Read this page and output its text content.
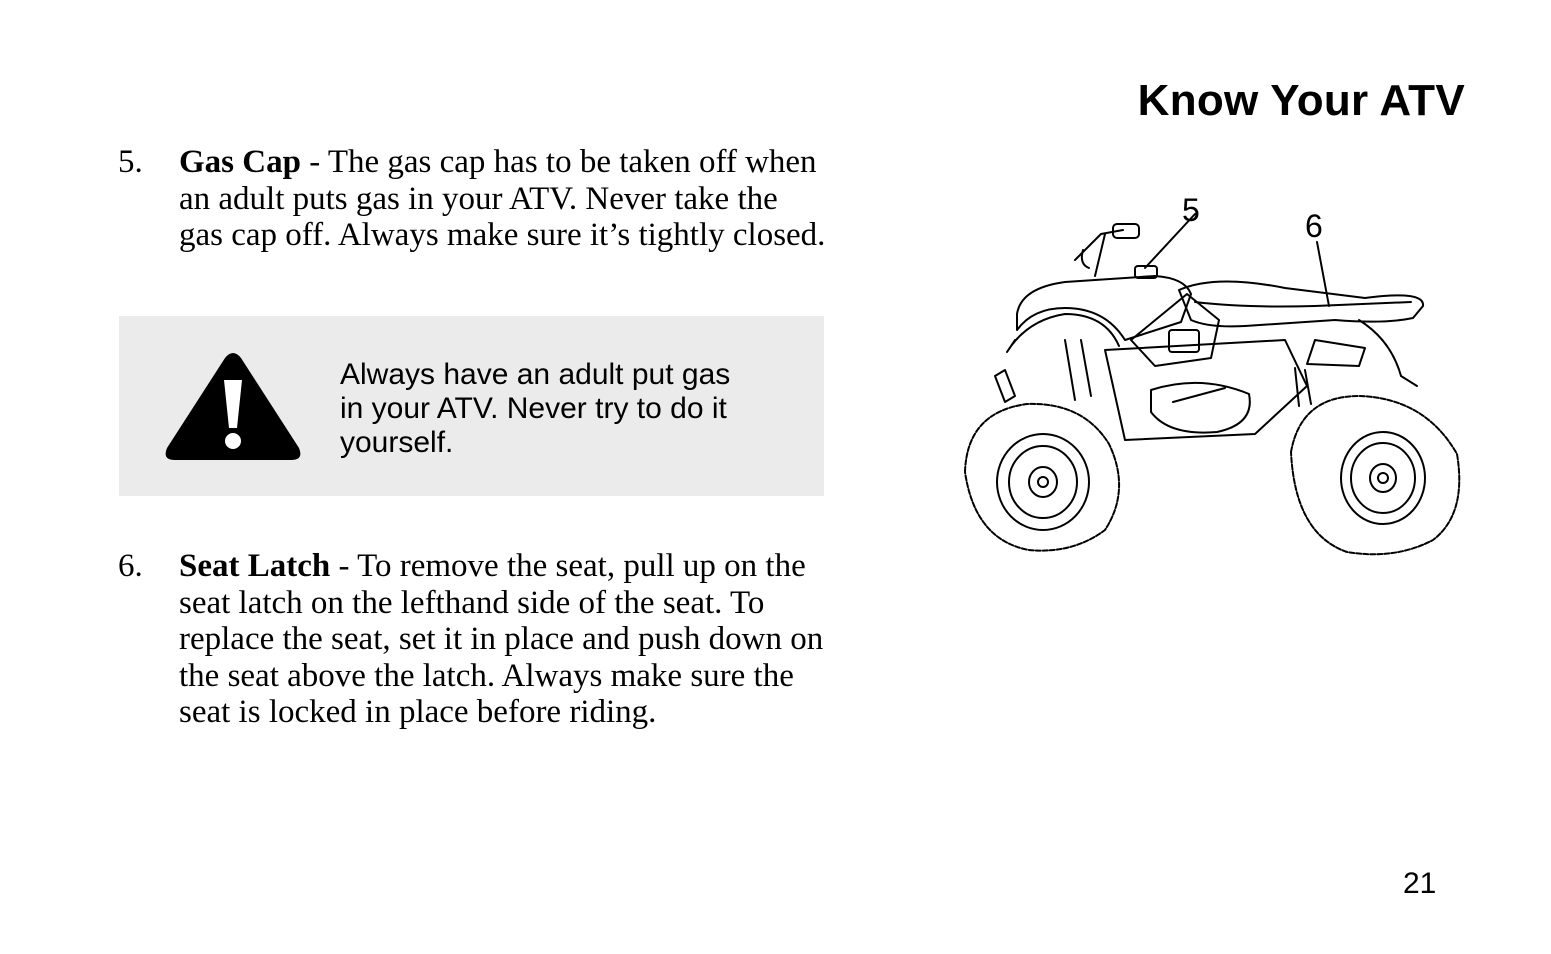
Know Your ATV
5. Gas Cap - The gas cap has to be taken off when an adult puts gas in your ATV. Never take the gas cap off. Always make sure it’s tightly closed.
Always have an adult put gas in your ATV. Never try to do it yourself.
6. Seat Latch - To remove the seat, pull up on the seat latch on the lefthand side of the seat. To replace the seat, set it in place and push down on the seat above the latch. Always make sure the seat is locked in place before riding.
5	6
21
